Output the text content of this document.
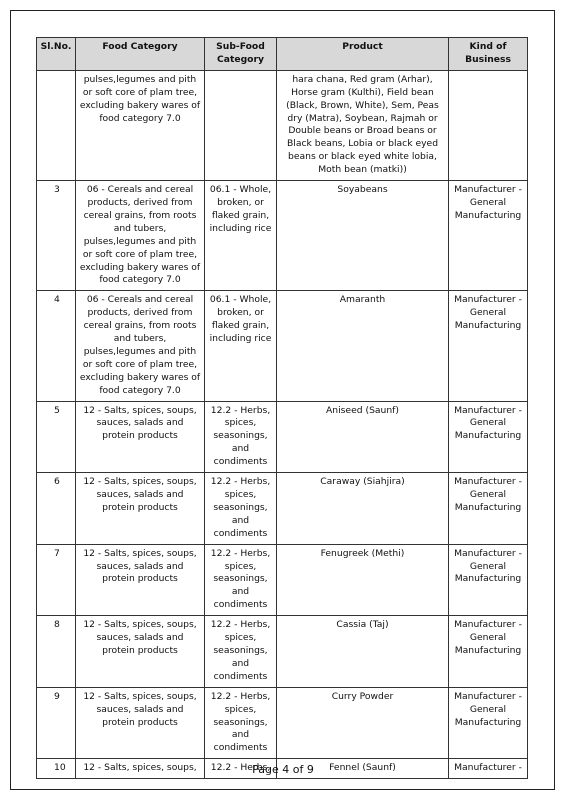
Sl.No.	Food Category	Sub-Food Category	Product	Kind of Business
	pulses,legumes and pith or soft core of plam tree, excluding bakery wares of food category 7.0		hara chana, Red gram (Arhar), Horse gram (Kulthi), Field bean (Black, Brown, White), Sem, Peas dry (Matra), Soybean, Rajmah or Double beans or Broad beans or Black beans, Lobia or black eyed beans or black eyed white lobia, Moth bean (matki))	
3	06 - Cereals and cereal products, derived from cereal grains, from roots and tubers, pulses,legumes and pith or soft core of plam tree, excluding bakery wares of food category 7.0	06.1 - Whole, broken, or flaked grain, including rice	Soyabeans	Manufacturer - General Manufacturing
4	06 - Cereals and cereal products, derived from cereal grains, from roots and tubers, pulses,legumes and pith or soft core of plam tree, excluding bakery wares of food category 7.0	06.1 - Whole, broken, or flaked grain, including rice	Amaranth	Manufacturer - General Manufacturing
5	12 - Salts, spices, soups, sauces, salads and protein products	12.2 - Herbs, spices, seasonings, and condiments	Aniseed (Saunf)	Manufacturer - General Manufacturing
6	12 - Salts, spices, soups, sauces, salads and protein products	12.2 - Herbs, spices, seasonings, and condiments	Caraway (Siahjira)	Manufacturer - General Manufacturing
7	12 - Salts, spices, soups, sauces, salads and protein products	12.2 - Herbs, spices, seasonings, and condiments	Fenugreek (Methi)	Manufacturer - General Manufacturing
8	12 - Salts, spices, soups, sauces, salads and protein products	12.2 - Herbs, spices, seasonings, and condiments	Cassia (Taj)	Manufacturer - General Manufacturing
9	12 - Salts, spices, soups, sauces, salads and protein products	12.2 - Herbs, spices, seasonings, and condiments	Curry Powder	Manufacturer - General Manufacturing
10	12 - Salts, spices, soups,	12.2 - Herbs,	Fennel (Saunf)	Manufacturer -
Page 4 of 9
